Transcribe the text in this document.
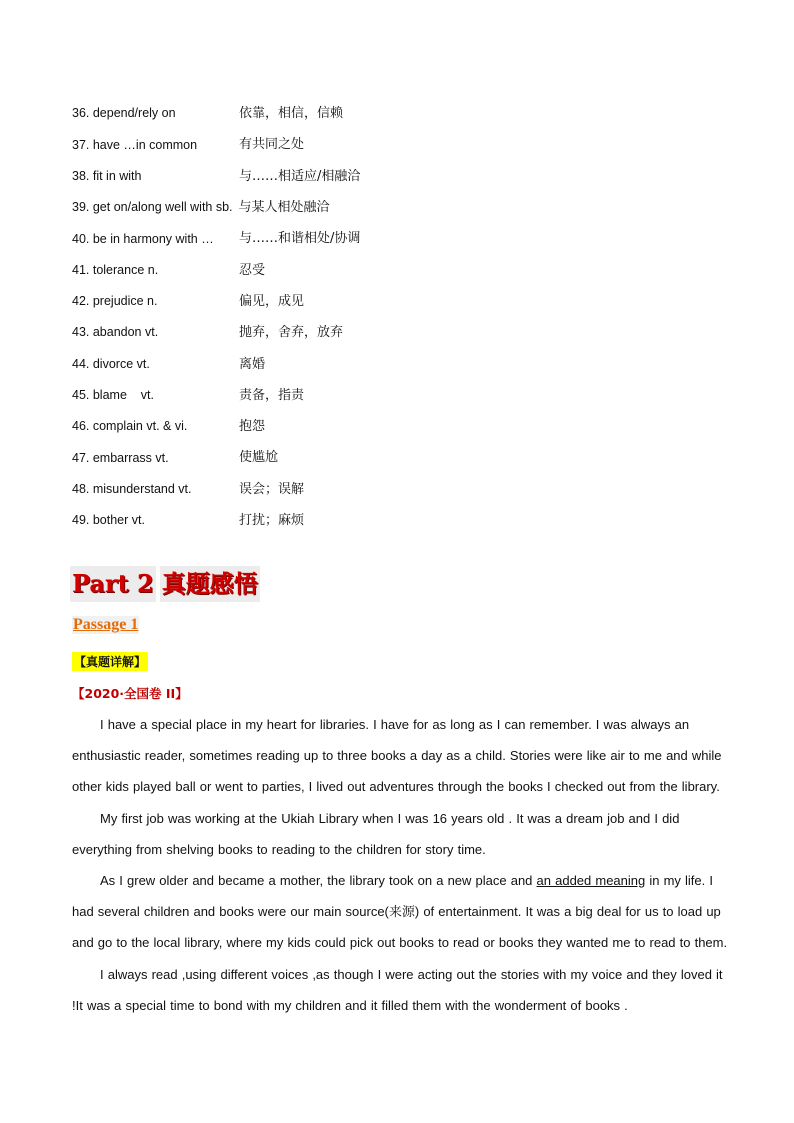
36. depend/rely on	依靠，相信，信赖
37. have …in common	有共同之处
38. fit in with	与……相适应/相融洽
39. get on/along well with sb. 与某人相处融洽
40. be in harmony with …	与……和谐相处/协调
41. tolerance n.	忍受
42. prejudice n.	偏见，成见
43. abandon vt.	抛弃，舍弃，放弃
44. divorce vt.	离婚
45. blame    vt.	责备，指责
46. complain vt. & vi.	抱怨
47. embarrass vt.	使尴尬
48. misunderstand vt.	误会；误解
49. bother vt.	打扰；麻烦
Part 2 真题感悟
Passage 1
【真题详解】
【2020·全国卷 II】

I have a special place in my heart for libraries. I have for as long as I can remember. I was always an enthusiastic reader, sometimes reading up to three books a day as a child. Stories were like air to me and while other kids played ball or went to parties, I lived out adventures through the books I checked out from the library.

My first job was working at the Ukiah Library when I was 16 years old . It was a dream job and I did everything from shelving books to reading to the children for story time.

As I grew older and became a mother, the library took on a new place and an added meaning in my life. I had several children and books were our main source(来源) of entertainment. It was a big deal for us to load up and go to the local library, where my kids could pick out books to read or books they wanted me to read to them.

I always read ,using different voices ,as though I were acting out the stories with my voice and they loved it !It was a special time to bond with my children and it filled them with the wonderment of books .
